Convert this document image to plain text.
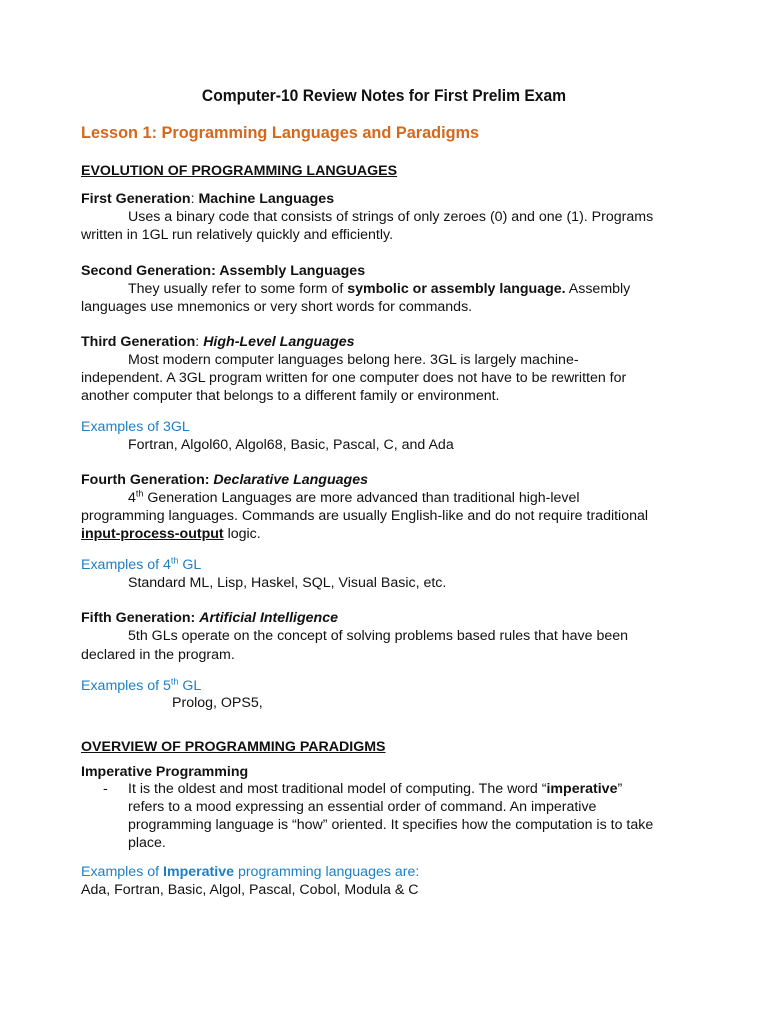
Computer-10 Review Notes for First Prelim Exam
Lesson 1: Programming Languages and Paradigms
EVOLUTION OF PROGRAMMING LANGUAGES
First Generation: Machine Languages
Uses a binary code that consists of strings of only zeroes (0) and one (1). Programs
written in 1GL run relatively quickly and efficiently.
Second Generation: Assembly Languages
They usually refer to some form of symbolic or assembly language. Assembly
languages use mnemonics or very short words for commands.
Third Generation: High-Level Languages
Most modern computer languages belong here. 3GL is largely machine-
independent. A 3GL program written for one computer does not have to be rewritten for
another computer that belongs to a different family or environment.
Examples of 3GL
Fortran, Algol60, Algol68, Basic, Pascal, C, and Ada
Fourth Generation: Declarative Languages
4th Generation Languages are more advanced than traditional high-level
programming languages. Commands are usually English-like and do not require traditional
input-process-output logic.
Examples of 4th GL
Standard ML, Lisp, Haskel, SQL, Visual Basic, etc.
Fifth Generation: Artificial Intelligence
5th GLs operate on the concept of solving problems based rules that have been
declared in the program.
Examples of 5th GL
Prolog, OPS5,
OVERVIEW OF PROGRAMMING PARADIGMS
Imperative Programming
- It is the oldest and most traditional model of computing. The word “imperative”
refers to a mood expressing an essential order of command. An imperative
programming language is “how” oriented. It specifies how the computation is to take
place.
Examples of Imperative programming languages are:
Ada, Fortran, Basic, Algol, Pascal, Cobol, Modula & C
